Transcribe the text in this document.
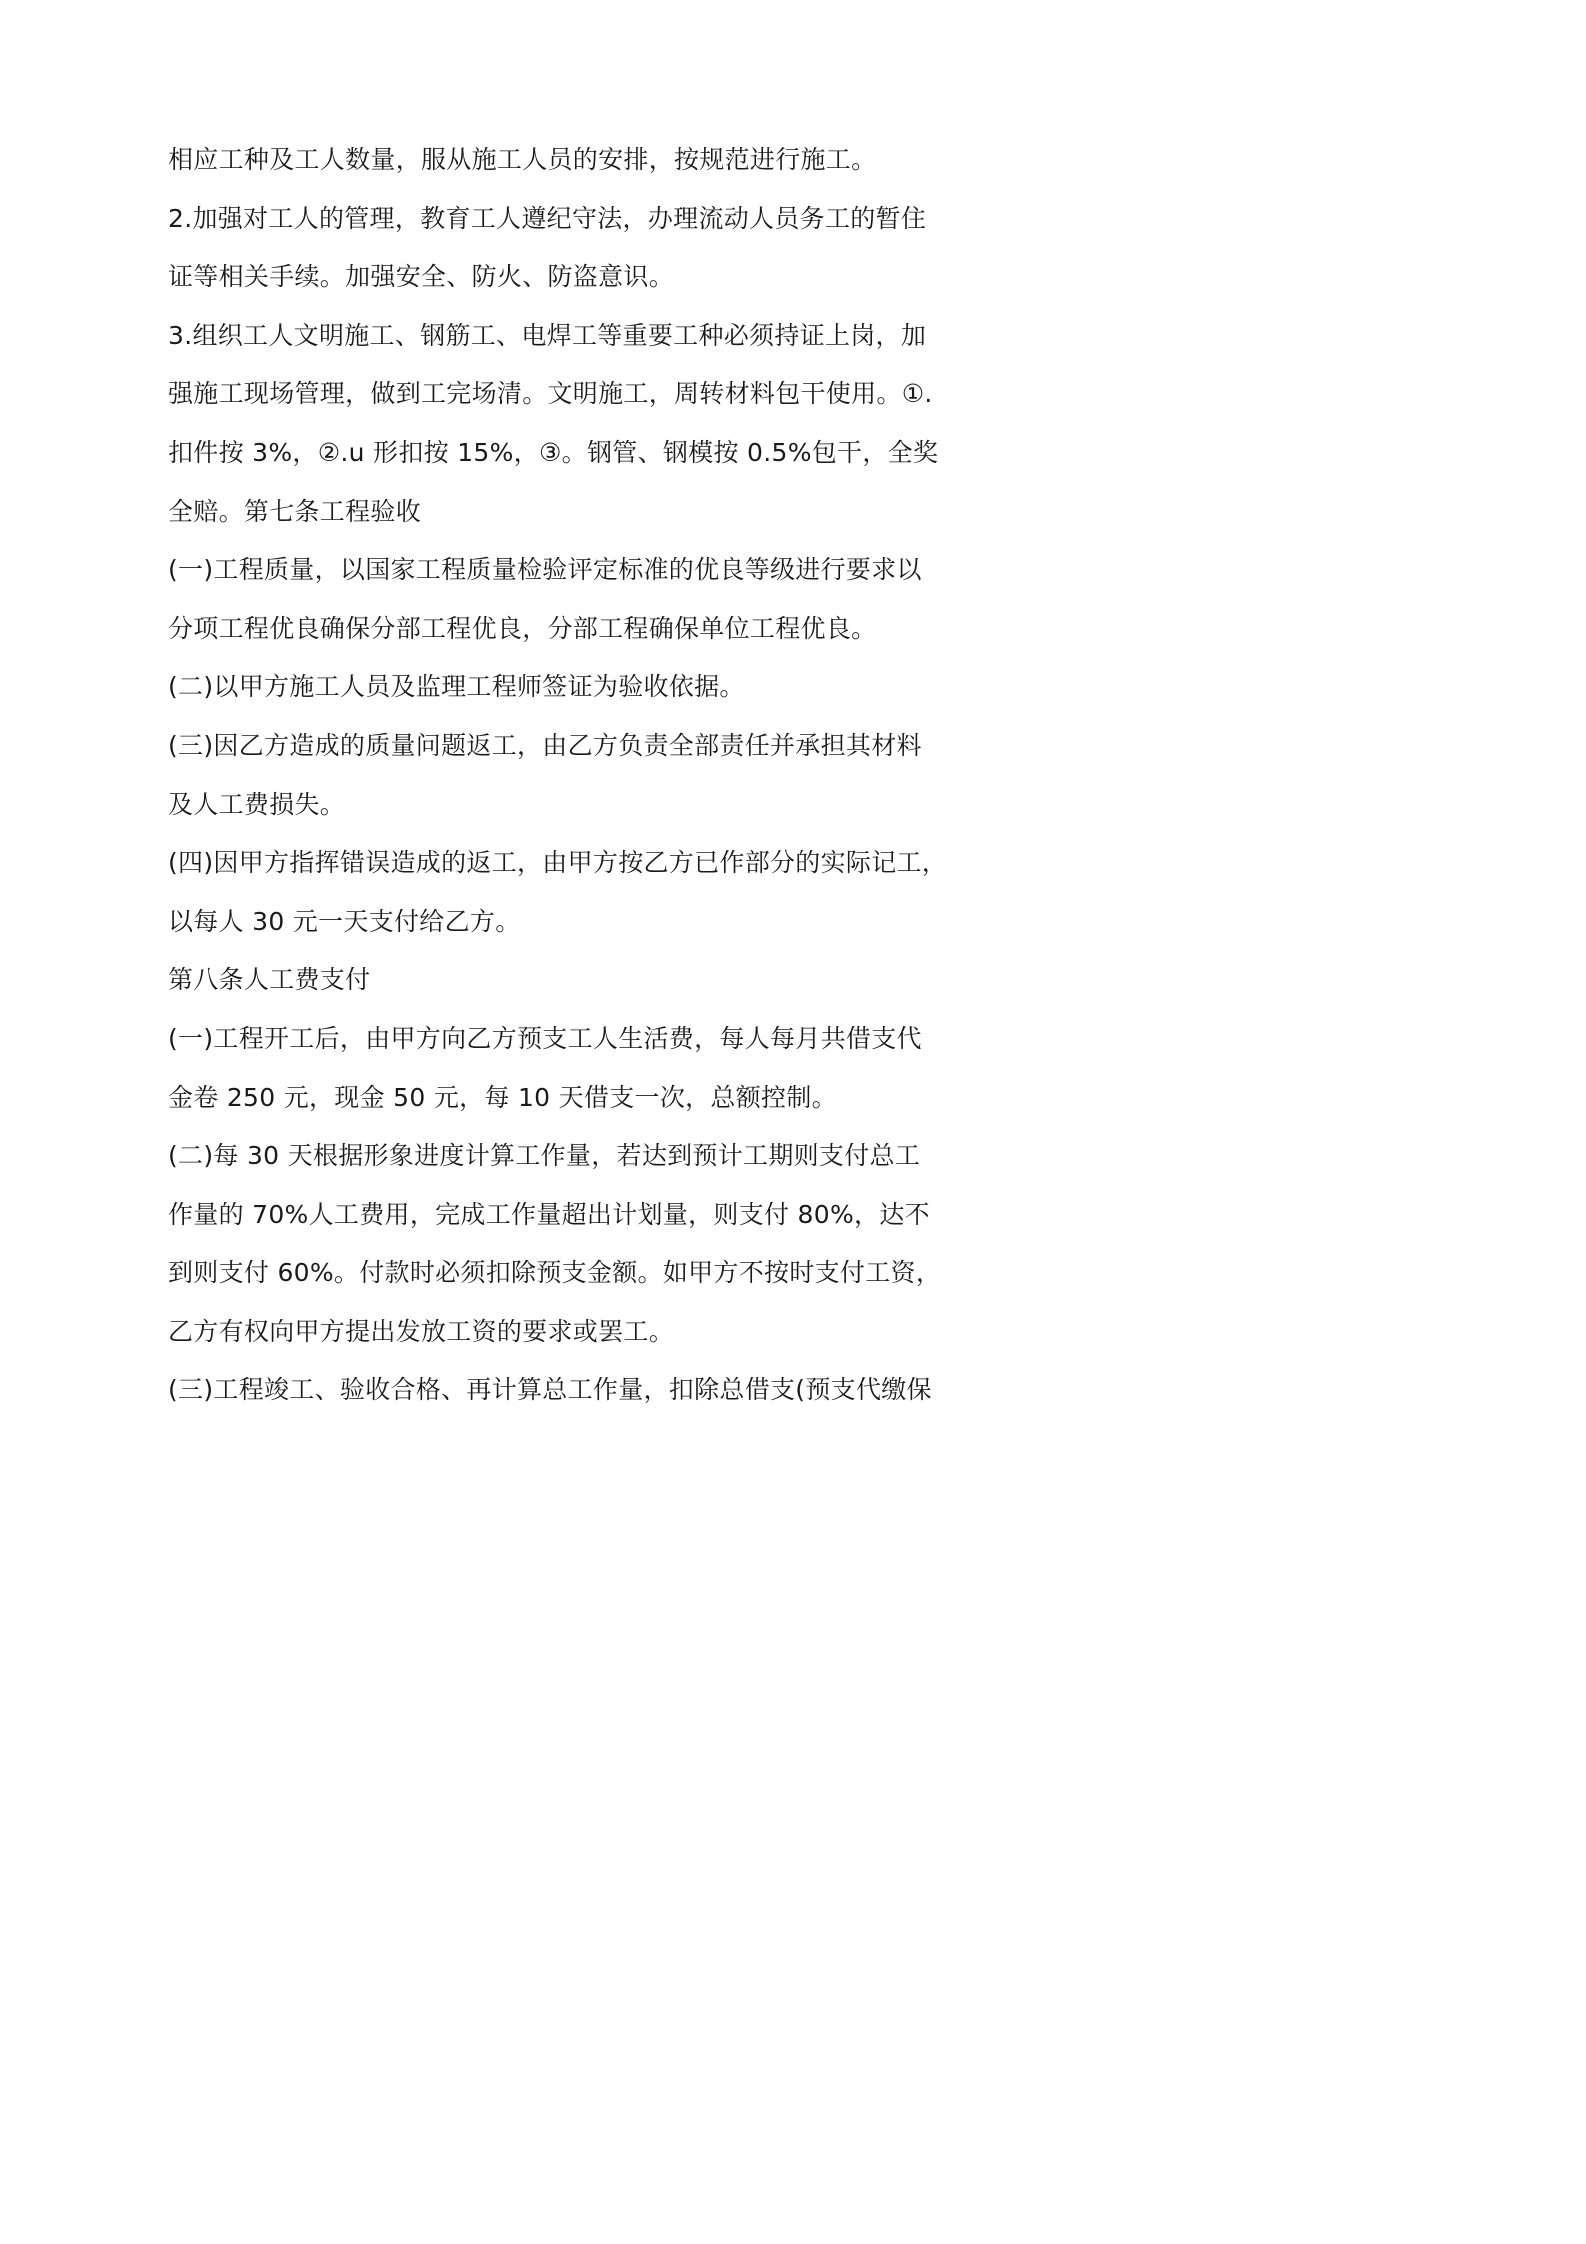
相应工种及工人数量，服从施工人员的安排，按规范进行施工。
2.加强对工人的管理，教育工人遵纪守法，办理流动人员务工的暂住
证等相关手续。加强安全、防火、防盗意识。
3.组织工人文明施工、钢筋工、电焊工等重要工种必须持证上岗，加
强施工现场管理，做到工完场清。文明施工，周转材料包干使用。①.
扣件按 3%，②.u 形扣按 15%，③。钢管、钢模按 0.5%包干，全奖
全赔。第七条工程验收
(一)工程质量，以国家工程质量检验评定标准的优良等级进行要求以
分项工程优良确保分部工程优良，分部工程确保单位工程优良。
(二)以甲方施工人员及监理工程师签证为验收依据。
(三)因乙方造成的质量问题返工，由乙方负责全部责任并承担其材料
及人工费损失。
(四)因甲方指挥错误造成的返工，由甲方按乙方已作部分的实际记工，
以每人 30 元一天支付给乙方。
第八条人工费支付
(一)工程开工后，由甲方向乙方预支工人生活费，每人每月共借支代
金卷 250 元，现金 50 元，每 10 天借支一次，总额控制。
(二)每 30 天根据形象进度计算工作量，若达到预计工期则支付总工
作量的 70%人工费用，完成工作量超出计划量，则支付 80%，达不
到则支付 60%。付款时必须扣除预支金额。如甲方不按时支付工资，
乙方有权向甲方提出发放工资的要求或罢工。
(三)工程竣工、验收合格、再计算总工作量，扣除总借支(预支代缴保
